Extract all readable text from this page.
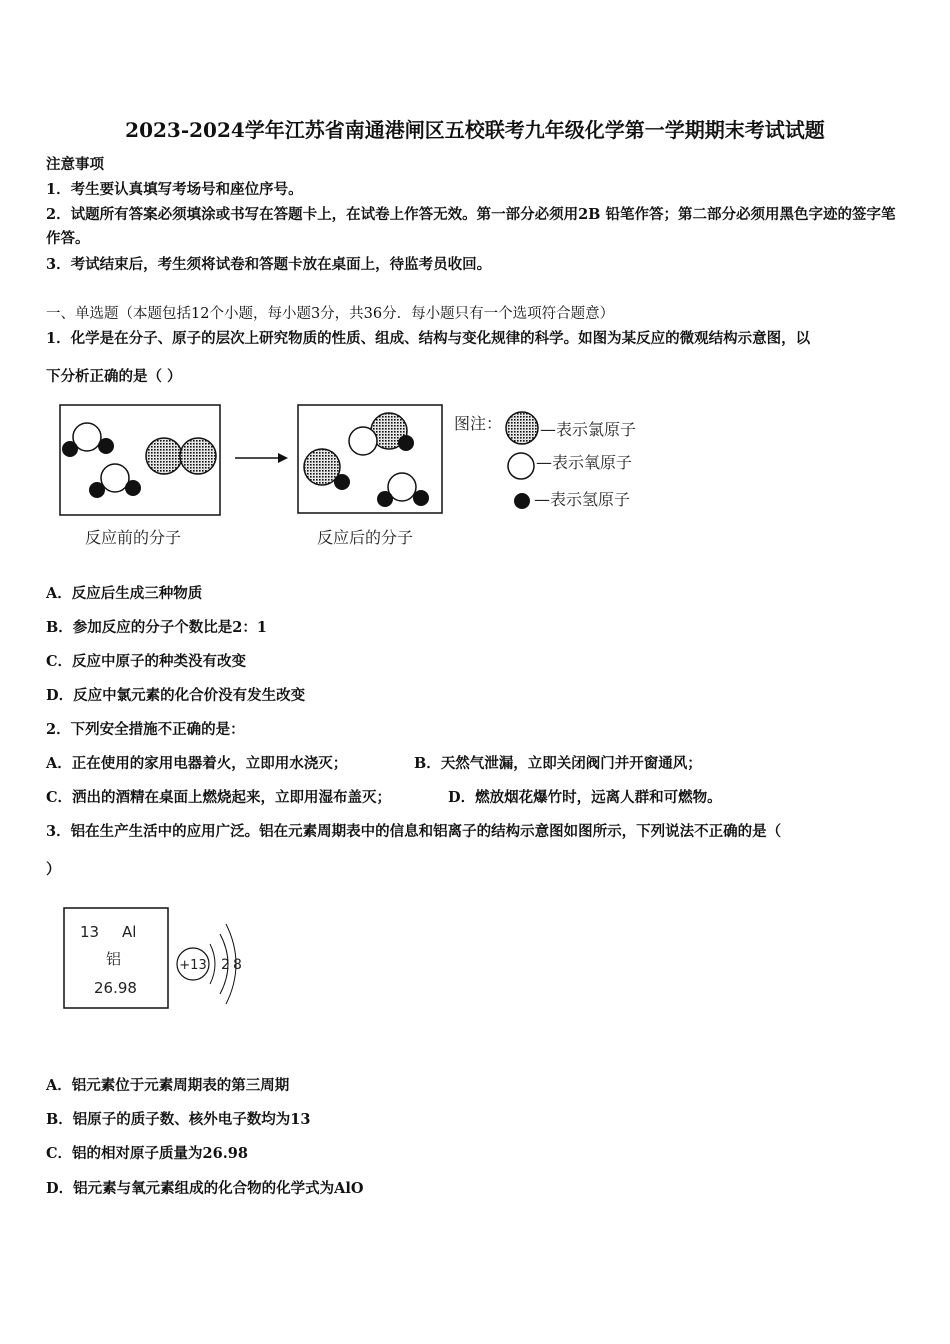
2023-2024学年江苏省南通港闸区五校联考九年级化学第一学期期末考试试题
注意事项
1．考生要认真填写考场号和座位序号。
2．试题所有答案必须填涂或书写在答题卡上，在试卷上作答无效。第一部分必须用2B 铅笔作答；第二部分必须用黑色字迹的签字笔作答。
3．考试结束后，考生须将试卷和答题卡放在桌面上，待监考员收回。
一、单选题（本题包括12个小题，每小题3分，共36分．每小题只有一个选项符合题意）
1．化学是在分子、原子的层次上研究物质的性质、组成、结构与变化规律的科学。如图为某反应的微观结构示意图，以
下分析正确的是（ ）
图注： —表示氯原子
—表示氧原子
—表示氢原子
反应前的分子	反应后的分子
A．反应后生成三种物质
B．参加反应的分子个数比是2：1
C．反应中原子的种类没有改变
D．反应中氯元素的化合价没有发生改变
2．下列安全措施不正确的是：
A．正在使用的家用电器着火，立即用水浇灭；	B．天然气泄漏，立即关闭阀门并开窗通风；
C．洒出的酒精在桌面上燃烧起来，立即用湿布盖灭；	D．燃放烟花爆竹时，远离人群和可燃物。
3．铝在生产生活中的应用广泛。铝在元素周期表中的信息和铝离子的结构示意图如图所示，下列说法不正确的是（
）
13 Al
铝
26.98
+13 2 8
A．铝元素位于元素周期表的第三周期
B．铝原子的质子数、核外电子数均为13
C．铝的相对原子质量为26.98
D．铝元素与氧元素组成的化合物的化学式为AlO
